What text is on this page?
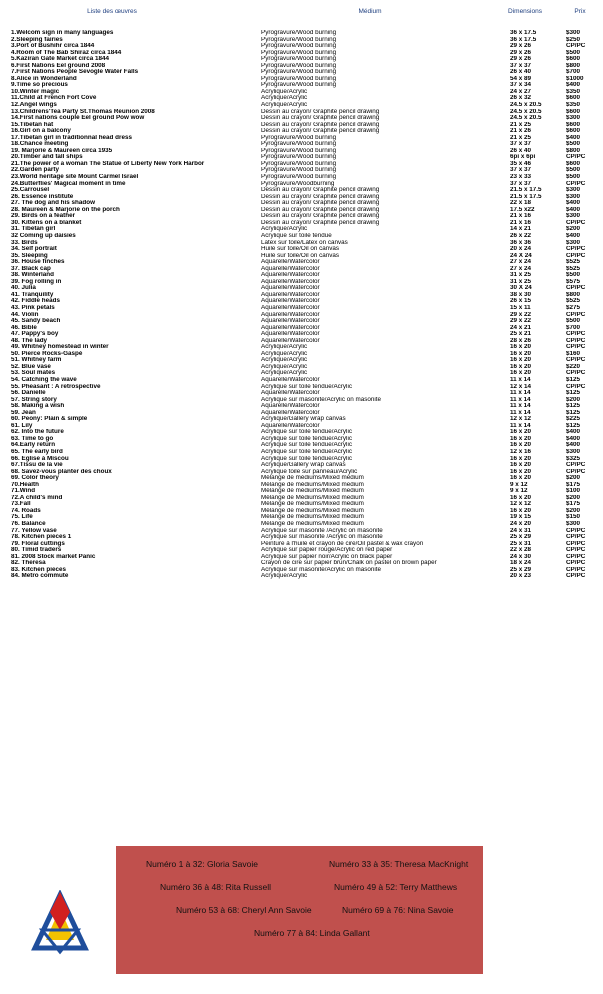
Liste des œuvres	Médium	Dimensions	Prix
1.Welcom sign in many languages	Pyrogravure/Wood burning	36 x 17.5	$300
2.Sleeping fairies	Pyrogravure/Wood burning	36 x 17.5	$250
3.Port of Bushihr circa 1844	Pyrogravure/Wood burning	29 x 26	CP/PC
4.Room of The Bab Shiraz circa 1844	Pyrogravure/Wood burning	29 x 26	$500
5.Kaziran Gate Market circa 1844	Pyrogravure/Wood burning	29 x 26	$600
6.First Nations Eel ground 2008	Pyrogravure/Wood burning	37 x 37	$800
7.First Nations People Sevogle Water Falls	Pyrogravure/Wood burning	26 x 40	$700
8.Alice in Wonderland	Pyrogravure/Wood burning	54 x 89	$1000
9.Time so precious	Pyrogravure/Wood burning	37 x 34	$400
10.Winter magic	Acrylique/Acrylic	24 x 27	$350
11.Child at French Fort Cove	Acrylique/Acrylic	26 x 32	$600
12.Angel wings	Acrylique/Acrylic	24.5 x 20.5	$350
13.Childrens'Tea Party St.Thomas Reunion 2008	Dessin au crayon/ Graphite pencil drawing	24.5 x 20.5	$600
14.First nations couple Eel ground Pow wow	Dessin au crayon/ Graphite pencil drawing	24.5 x 20.5	$300
15.Tibetan hat	Dessin au crayon/ Graphite pencil drawing	21 x 25	$600
16.Girl on a balcony	Dessin au crayon/ Graphite pencil drawing	21 x 26	$600
17.Tibetan girl in traditionnal head dress	Pyrogravure/Wood burning	21 x 25	$400
18.Chance meeting	Pyrogravure/Wood burning	37 x 37	$500
19. Marjorie & Maureen circa 1935	Pyrogravure/Wood burning	26 x 40	$800
20.Timber and tall ships	Pyrogravure/Wood burning	6pi x 6pi	CP/PC
21.The power of a woman The Statue of Liberty New York Harbor	Pyrogravure/Wood burning	35 x 46	$600
22.Garden party	Pyrogravure/Wood burning	37 x 37	$500
23.World heritage site Mount Carmel Israel	Pyrogravure/Wood burning	23 x 33	$500
24.Butterflies' Magical moment in time	Pyrogravure/Woodburning	37 x 37	CP/PC
25.Carrousel	Dessin au crayon/ Graphite pencil drawing	21.5 x 17.5	$300
26. Essence institute	Dessin au crayon/ Graphite pencil drawing	21.5 x 17.5	$300
27. The dog and his shadow	Dessin au crayon/ Graphite pencil drawing	22 x 18	$400
28. Maureen & Marjorie on the porch	Dessin au crayon/ Graphite pencil drawing	17.5 x22	$400
29. Birds on a feather	Dessin au crayon/ Graphite pencil drawing	21 x 16	$300
30. Kittens on a blanket	Dessin au crayon/ Graphite pencil drawing	21 x 16	CP/PC
31. Tibetan girl	Acrylique/Acrylic	14 x 21	$200
32 Coming up daisies	Acrylique sur toile tendue	26 x 22	$400
33. Birds	Latex sur toile/Latex on canvas	36 x 36	$300
34. Self portrait	Huile sur toile/Oil on canvas	20 x 24	CP/PC
35. Sleeping	Huile sur toile/Oil on canvas	24 X 24	CP/PC
36. House finches	Aquarelle/Watercolor	27 x 24	$525
37. Black cap	Aquarelle/Watercolor	27 x 24	$525
38. Winterland	Aquarelle/Watercolor	31 x 25	$500
39. Fog rolling in	Aquarelle/Watercolor	31 x 25	$575
40. Julia	Aquarelle/Watercolor	30 X 24	CP/PC
41. Tranquility	Aquarelle/Watercolor	38 x 30	$800
42. Fiddle heads	Aquarelle/Watercolor	26 x 15	$525
43. Pink petals	Aquarelle/Watercolor	15 x 11	$275
44. Violin	Aquarelle/Watercolor	29 x 22	CP/PC
45. Sandy beach	Aquarelle/Watercolor	29 x 22	$500
46. Bible	Aquarelle/Watercolor	24 x 21	$700
47. Pappy's boy	Aquarelle/Watercolor	25 x 21	CP/PC
48. The lady	Aquarelle/Watercolor	28 x 26	CP/PC
49. Whitney homestead in winter	Acrylique/Acrylic	16 x 20	CP/PC
50. Pierce Rocks-Gaspé	Acrylique/Acrylic	16 x 20	$160
51. Whitney farm	Acrylique/Acrylic	16 x 20	CP/PC
52. Blue vase	Acrylique/Acrylic	16 x 20	$220
53. Soul mates	Acrylique/Acrylic	16 x 20	CP/PC
54. Catching the wave	Aquarelle/Watercolor	11 x 14	$125
55. Pheasant : A retrospective	Acrylique sur toile tendue/Acrylic	12 x 14	CP/PC
56. Danielle	Aquarelle/Watercolor	11 x 14	$125
57. String story	Acrylique sur masonite/Acrylic on masonite	11 x 14	$200
58. Making a wish	Aquarelle/Watercolor	11 x 14	$125
59. Jean	Aquarelle/Watercolor	11 x 14	$125
60. Peony: Plain & simple	Acrylique/Gallery wrap canvas	12 x 12	$225
61. Lily	Aquarelle/Watercolor	11 x 14	$125
62. Into the future	Acrylique sur toile tendue/Acrylic	16 x 20	$400
63. Time to go	Acrylique sur toile tendue/Acrylic	16 x 20	$400
64.Early return	Acrylique sur toile tendue/Acrylic	16 x 20	$400
65. The early bird	Acrylique sur toile tendue/Acrylic	12 x 16	$300
66. Église à Miscou	Acrylique sur toile tendue/Acrylic	16 x 20	$325
67.Tissu de la vie	Acrylique/Gallery wrap canvas	16 x 20	CP/PC
68. Savez-vous planter des choux	Acrylique toile sur panneau/Acrylic	16 x 20	CP/PC
69. Color theory	Mélange de médiums/Mixed medium	16 x 20	$200
70.Health	Mélange de médiums/Mixed medium	9 x 12	$175
71.Wind	Mélange de médiums/Mixed medium	9 x 12	$100
72.A child's mind	Mélange de Médiums/Mixed medium	16 x 20	$200
73.Fall	Mélange de médiums/Mixed medium	12 x 12	$175
74. Roads	Mélange de médiums/Mixed medium	16 x 20	$200
75. Life	Mélange de médiums/Mixed medium	19 x 15	$150
76. Balance	Mélange de médiums/Mixed medium	24 x 20	$300
77. Yellow vase	Acrylique sur masonite /Acrylic on masonite	24 x 31	CP/PC
78. Kitchen pieces 1	Acrylique sur masonite /Acrylic on masonite	25 x 29	CP/PC
79. Floral cuttings	Peinture à l'huile et crayon de cire/Oil pastel & wax crayon	25 x 31	CP/PC
80. Timid traders	Acrylique sur papier rouge/Acrylic on red paper	22 x 28	CP/PC
81. 2008 Stock market Panic	Acrylique sur papier noir/Acrylic on black paper	24 x 30	CP/PC
82. Theresa	Crayon de cire sur papier brun/Chalk on pastel on brown paper	18 x 24	CP/PC
83. Kitchen pieces	Acrylique sur masonite/Acrylic on masonite	25 x 29	CP/PC
84. Metro commute	Acrylique/Acrylic	20 x 23	CP/PC
Numéro 1 à 32: Gloria Savoie	Numéro 33 à 35: Theresa MacKnight
Numéro 36 à 48: Rita Russell	Numéro 49 à 52: Terry Matthews
Numéro 53 à 68: Cheryl Ann Savoie	Numéro 69 à 76: Nina Savoie
Numéro 77 à 84: Linda Gallant
